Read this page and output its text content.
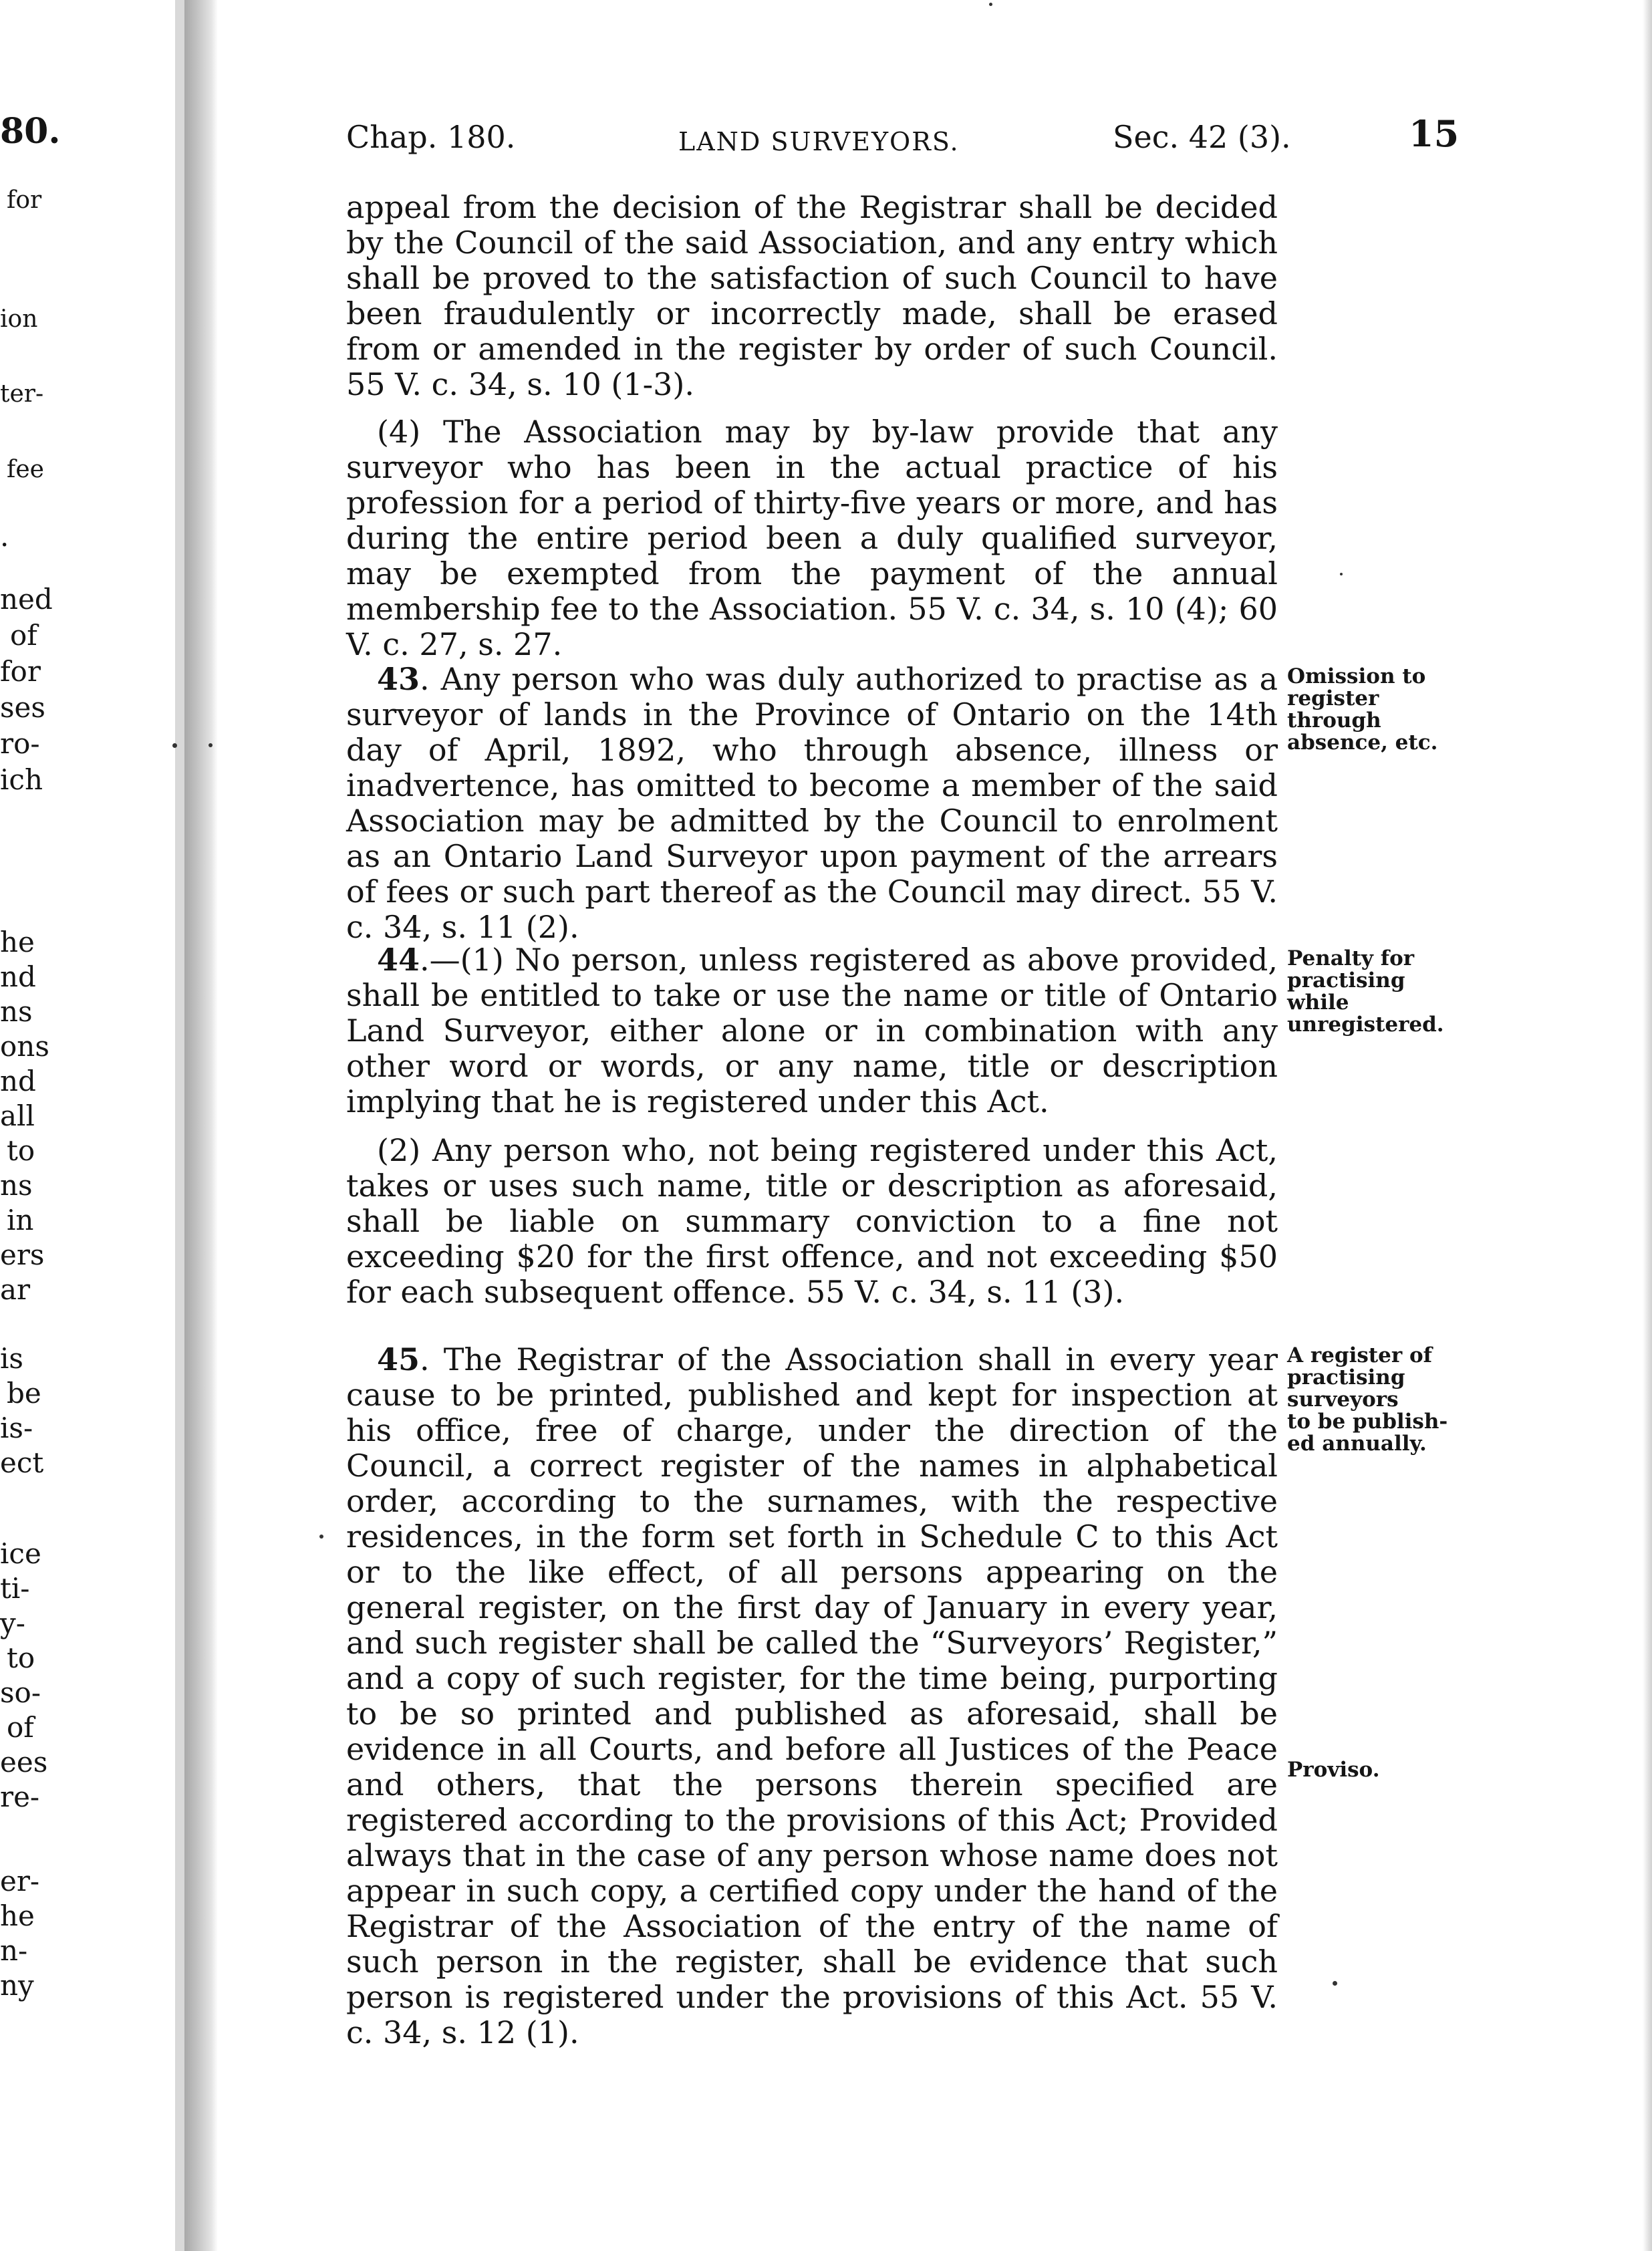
80.
for
ion
ter-
fee
.
ned
of
for
ses
ro-
ich
he
nd
ns
ons
nd
all
to
ns
in
ers
ar
is
be
is-
ect
ice
ti-
y-
to
so-
of
ees
re-
er-
he
n-
ny
Chap. 180.	LAND SURVEYORS.	Sec. 42 (3).	15

appeal from the decision of the Registrar shall be decided by the Council of the said Association, and any entry which shall be proved to the satisfaction of such Council to have been fraudulently or incorrectly made, shall be erased from or amended in the register by order of such Council. 55 V. c. 34, s. 10 (1-3).

(4) The Association may by by-law provide that any surveyor who has been in the actual practice of his profession for a period of thirty-five years or more, and has during the entire period been a duly qualified surveyor, may be exempted from the payment of the annual membership fee to the Association. 55 V. c. 34, s. 10 (4); 60 V. c. 27, s. 27.

43. Any person who was duly authorized to practise as a surveyor of lands in the Province of Ontario on the 14th day of April, 1892, who through absence, illness or inadvertence, has omitted to become a member of the said Association may be admitted by the Council to enrolment as an Ontario Land Surveyor upon payment of the arrears of fees or such part thereof as the Council may direct. 55 V. c. 34, s. 11 (2).

44.—(1) No person, unless registered as above provided, shall be entitled to take or use the name or title of Ontario Land Surveyor, either alone or in combination with any other word or words, or any name, title or description implying that he is registered under this Act.

(2) Any person who, not being registered under this Act, takes or uses such name, title or description as aforesaid, shall be liable on summary conviction to a fine not exceeding $20 for the first offence, and not exceeding $50 for each subsequent offence. 55 V. c. 34, s. 11 (3).

45. The Registrar of the Association shall in every year cause to be printed, published and kept for inspection at his office, free of charge, under the direction of the Council, a correct register of the names in alphabetical order, according to the surnames, with the respective residences, in the form set forth in Schedule C to this Act or to the like effect, of all persons appearing on the general register, on the first day of January in every year, and such register shall be called the “Surveyors’ Register,” and a copy of such register, for the time being, purporting to be so printed and published as aforesaid, shall be evidence in all Courts, and before all Justices of the Peace and others, that the persons therein specified are registered according to the provisions of this Act; Provided always that in the case of any person whose name does not appear in such copy, a certified copy under the hand of the Registrar of the Association of the entry of the name of such person in the register, shall be evidence that such person is registered under the provisions of this Act. 55 V. c. 34, s. 12 (1).

Omission to
register
through
absence, etc.
Penalty for
practising
while
unregistered.
A register of
practising
surveyors
to be publish-
ed annually.
Proviso.
